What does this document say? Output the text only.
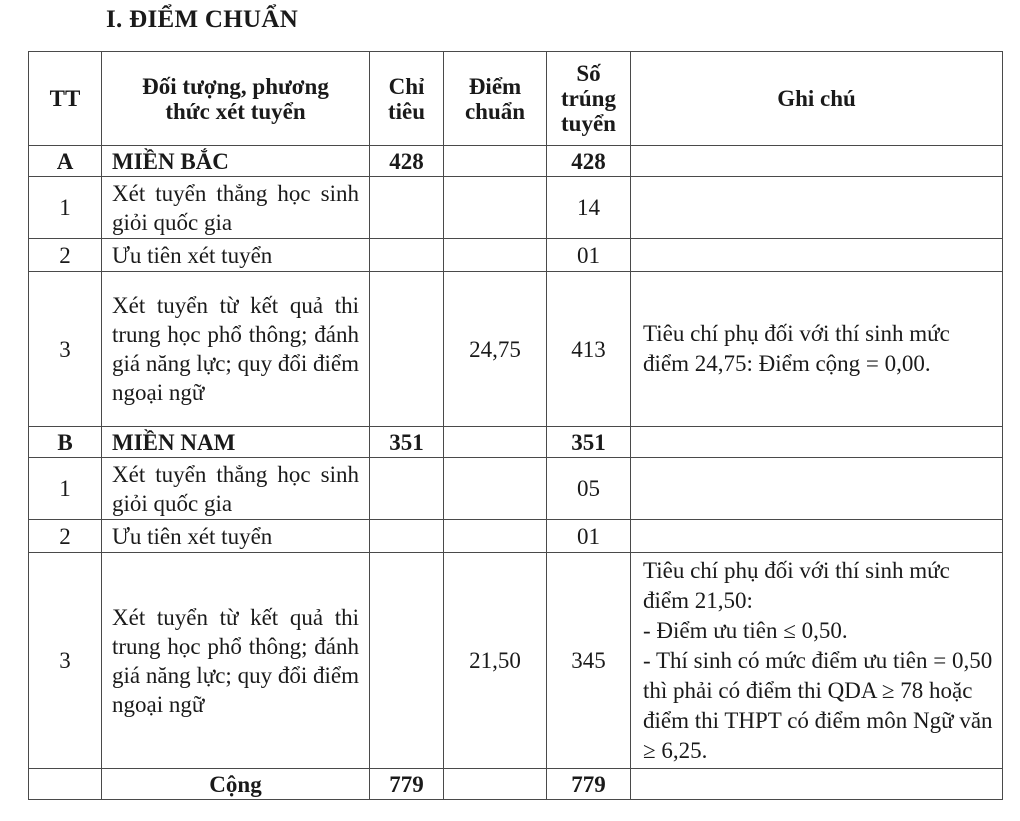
I. ĐIỂM CHUẨN
TT	Đối tượng, phương thức xét tuyển	Chỉ tiêu	Điểm chuẩn	Số trúng tuyển	Ghi chú
A	MIỀN BẮC	428		428	
1	Xét tuyển thẳng học sinh giỏi quốc gia			14	
2	Ưu tiên xét tuyển			01	
3	Xét tuyển từ kết quả thi trung học phổ thông; đánh giá năng lực; quy đổi điểm ngoại ngữ		24,75	413	Tiêu chí phụ đối với thí sinh mức điểm 24,75: Điểm cộng = 0,00.
B	MIỀN NAM	351		351	
1	Xét tuyển thẳng học sinh giỏi quốc gia			05	
2	Ưu tiên xét tuyển			01	
3	Xét tuyển từ kết quả thi trung học phổ thông; đánh giá năng lực; quy đổi điểm ngoại ngữ		21,50	345	Tiêu chí phụ đối với thí sinh mức điểm 21,50:
- Điểm ưu tiên ≤ 0,50.
- Thí sinh có mức điểm ưu tiên = 0,50 thì phải có điểm thi QDA ≥ 78 hoặc điểm thi THPT có điểm môn Ngữ văn ≥ 6,25.

	Cộng	779		779	
